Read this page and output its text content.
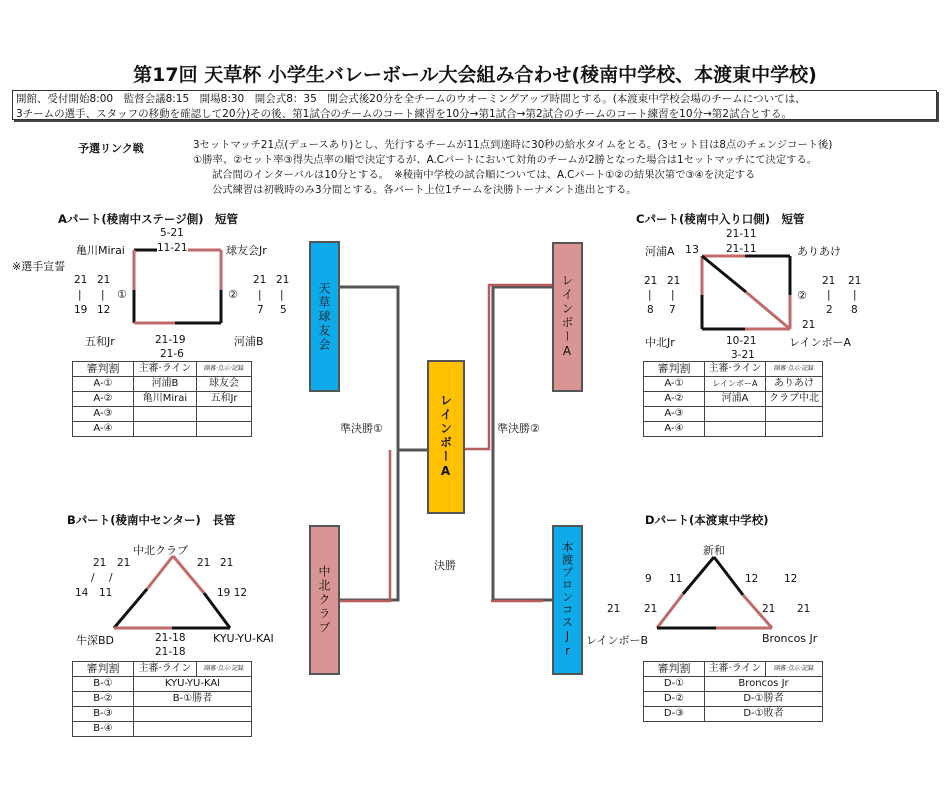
第17回 天草杯 小学生バレーボール大会組み合わせ(稜南中学校、本渡東中学校)
開館、受付開始8:00　監督会議8:15　開場8:30　開会式8：35　開会式後20分を全チームのウオーミングアップ時間とする。(本渡東中学校会場のチームについては、
3チームの選手、スタッフの移動を確認して20分)その後、第1試合のチームのコート練習を10分→第1試合→第2試合のチームのコート練習を10分→第2試合とする。
予選リンク戦	3セットマッチ21点(デュースあり)とし、先行するチームが11点到達時に30秒の給水タイムをとる。(3セット目は8点のチェンジコート後)
①勝率、②セット率③得失点率の順で決定するが、A.Cパートにおいて対角のチームが2勝となった場合は1セットマッチにて決定する。
試合間のインターバルは10分とする。　※稜南中学校の試合順については、A.Cパート①②の結果次第で③④を決定する
公式練習は初戦時のみ3分間とする。各パート上位1チームを決勝トーナメント進出とする。
Aパート(稜南中ステージ側)　短管
5-21
11-21
亀川Mirai	球友会Jr
※選手宣誓
21 21
| | ①
19 12
②
21 21
| |
7 5
五和Jr	21-19
21-6
河浦B
審判割	主審·ライン	副審·点示·記録
A-①	河浦B	球友会
A-②	亀川Mirai	五和Jr
A-③		
A-④		
Cパート(稜南中入り口側)　短管
21-11
21-11
河浦A 13	ありあけ
21 21
| |
8 7
②
21 21
| |
2 8
21
中北Jr	10-21
3-21
レインボーA
審判割	主審·ライン	副審·点示·記録
A-①	レインボーA	ありあけ
A-②	河浦A	クラブ中北
A-③		
A-④		
Bパート(稜南中センター)　長管
中北クラブ
21 21
/ /
14 11
21 21
19 12
牛深BD	21-18
21-18
KYU-YU-KAI
審判割	主審·ライン	副審·点示·記録
B-①	KYU-YU-KAI	
B-②	B-①勝者	
B-③		
B-④		
Dパート(本渡東中学校)
新和
9 11
21 21
12 12
21 21
レインボーB	Broncos Jr
審判割	主審·ライン	副審·点示·記録
D-①	Broncos Jr	
D-②	D-①勝者	
D-③	D-①敗者	
天草球友会	レインボーA
中北クラブ	本渡ブロンコスJr
レインボーA
準決勝①	準決勝②
決勝
